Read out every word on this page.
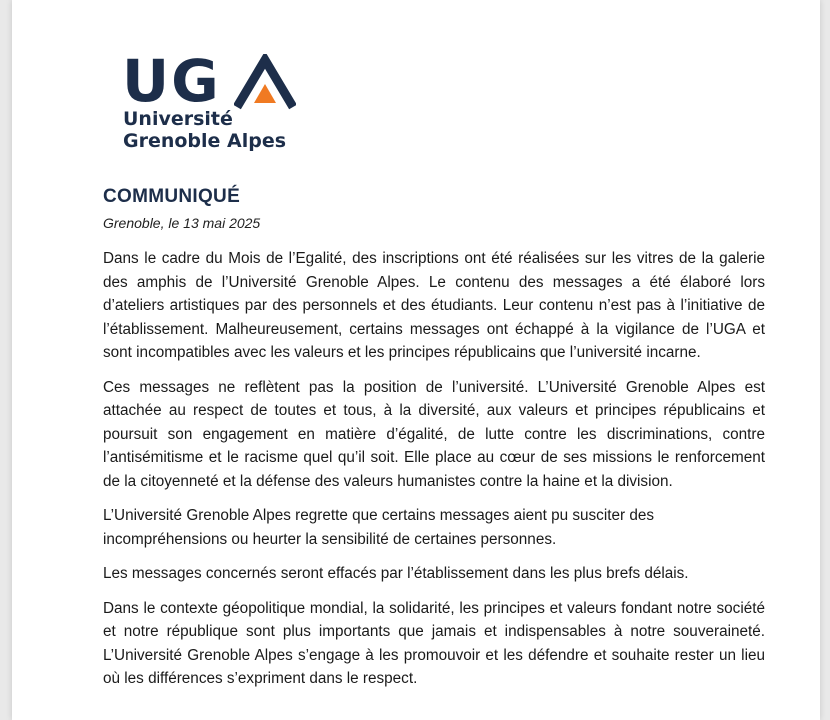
UG
Université
Grenoble Alpes
COMMUNIQUÉ
Grenoble, le 13 mai 2025

Dans le cadre du Mois de l’Egalité, des inscriptions ont été réalisées sur les vitres de la galerie des amphis de l’Université Grenoble Alpes. Le contenu des messages a été élaboré lors d’ateliers artistiques par des personnels et des étudiants. Leur contenu n’est pas à l’initiative de l’établissement. Malheureusement, certains messages ont échappé à la vigilance de l’UGA et sont incompatibles avec les valeurs et les principes républicains que l’université incarne.

Ces messages ne reflètent pas la position de l’université. L’Université Grenoble Alpes est attachée au respect de toutes et tous, à la diversité, aux valeurs et principes républicains et poursuit son engagement en matière d’égalité, de lutte contre les discriminations, contre l’antisémitisme et le racisme quel qu’il soit. Elle place au cœur de ses missions le renforcement de la citoyenneté et la défense des valeurs humanistes contre la haine et la division.

L’Université Grenoble Alpes regrette que certains messages aient pu susciter des incompréhensions ou heurter la sensibilité de certaines personnes.

Les messages concernés seront effacés par l’établissement dans les plus brefs délais.

Dans le contexte géopolitique mondial, la solidarité, les principes et valeurs fondant notre société et notre république sont plus importants que jamais et indispensables à notre souveraineté. L’Université Grenoble Alpes s’engage à les promouvoir et les défendre et souhaite rester un lieu où les différences s’expriment dans le respect.
